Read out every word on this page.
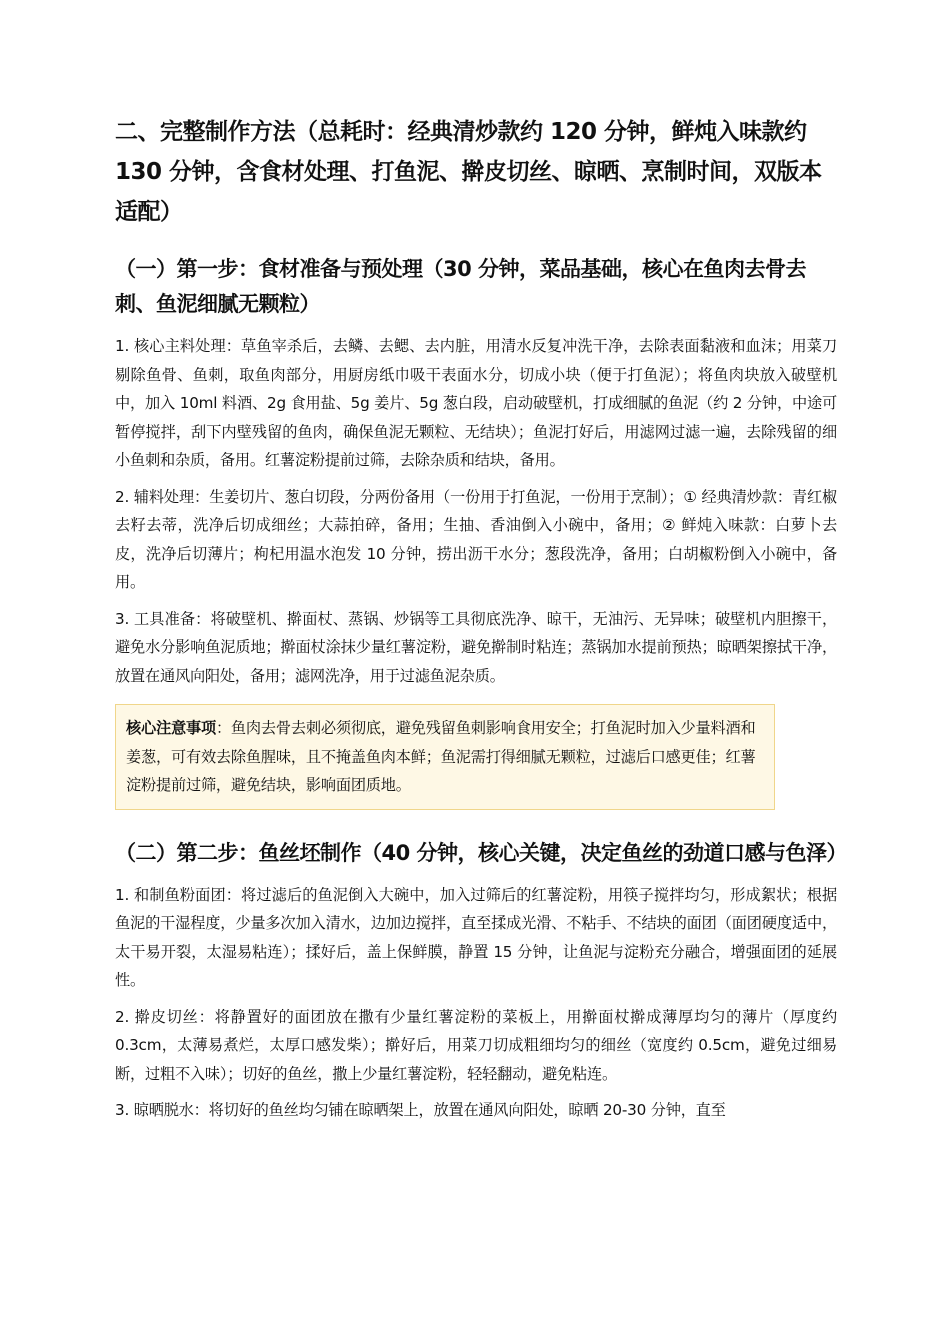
二、完整制作方法（总耗时：经典清炒款约 120 分钟，鲜炖入味款约 130 分钟，含食材处理、打鱼泥、擀皮切丝、晾晒、烹制时间，双版本适配）
（一）第一步：食材准备与预处理（30 分钟，菜品基础，核心在鱼肉去骨去刺、鱼泥细腻无颗粒）

1. 核心主料处理：草鱼宰杀后，去鳞、去鳃、去内脏，用清水反复冲洗干净，去除表面黏液和血沫；用菜刀剔除鱼骨、鱼刺，取鱼肉部分，用厨房纸巾吸干表面水分，切成小块（便于打鱼泥）；将鱼肉块放入破壁机中，加入 10ml 料酒、2g 食用盐、5g 姜片、5g 葱白段，启动破壁机，打成细腻的鱼泥（约 2 分钟，中途可暂停搅拌，刮下内壁残留的鱼肉，确保鱼泥无颗粒、无结块）；鱼泥打好后，用滤网过滤一遍，去除残留的细小鱼刺和杂质，备用。红薯淀粉提前过筛，去除杂质和结块，备用。

2. 辅料处理：生姜切片、葱白切段，分两份备用（一份用于打鱼泥，一份用于烹制）；① 经典清炒款：青红椒去籽去蒂，洗净后切成细丝；大蒜拍碎，备用；生抽、香油倒入小碗中，备用；② 鲜炖入味款：白萝卜去皮，洗净后切薄片；枸杞用温水泡发 10 分钟，捞出沥干水分；葱段洗净，备用；白胡椒粉倒入小碗中，备用。

3. 工具准备：将破壁机、擀面杖、蒸锅、炒锅等工具彻底洗净、晾干，无油污、无异味；破壁机内胆擦干，避免水分影响鱼泥质地；擀面杖涂抹少量红薯淀粉，避免擀制时粘连；蒸锅加水提前预热；晾晒架擦拭干净，放置在通风向阳处，备用；滤网洗净，用于过滤鱼泥杂质。

核心注意事项：鱼肉去骨去刺必须彻底，避免残留鱼刺影响食用安全；打鱼泥时加入少量料酒和姜葱，可有效去除鱼腥味，且不掩盖鱼肉本鲜；鱼泥需打得细腻无颗粒，过滤后口感更佳；红薯淀粉提前过筛，避免结块，影响面团质地。
（二）第二步：鱼丝坯制作（40 分钟，核心关键，决定鱼丝的劲道口感与色泽）

1. 和制鱼粉面团：将过滤后的鱼泥倒入大碗中，加入过筛后的红薯淀粉，用筷子搅拌均匀，形成絮状；根据鱼泥的干湿程度，少量多次加入清水，边加边搅拌，直至揉成光滑、不粘手、不结块的面团（面团硬度适中，太干易开裂，太湿易粘连）；揉好后，盖上保鲜膜，静置 15 分钟，让鱼泥与淀粉充分融合，增强面团的延展性。

2. 擀皮切丝：将静置好的面团放在撒有少量红薯淀粉的菜板上，用擀面杖擀成薄厚均匀的薄片（厚度约 0.3cm，太薄易煮烂，太厚口感发柴）；擀好后，用菜刀切成粗细均匀的细丝（宽度约 0.5cm，避免过细易断，过粗不入味）；切好的鱼丝，撒上少量红薯淀粉，轻轻翻动，避免粘连。

3. 晾晒脱水：将切好的鱼丝均匀铺在晾晒架上，放置在通风向阳处，晾晒 20-30 分钟，直至
